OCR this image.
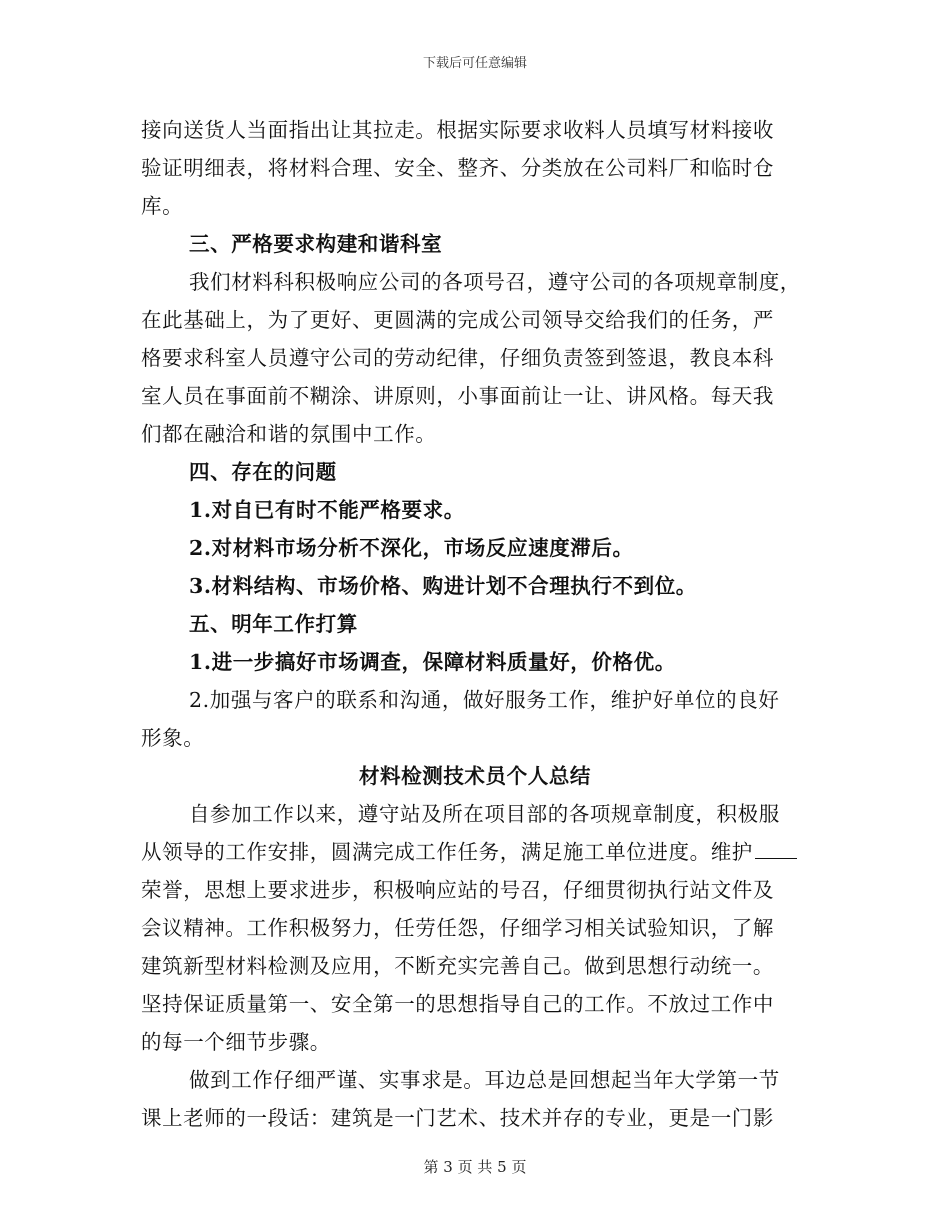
下载后可任意编辑
接向送货人当面指出让其拉走。根据实际要求收料人员填写材料接收
验证明细表，将材料合理、安全、整齐、分类放在公司料厂和临时仓
库。
三、严格要求构建和谐科室
我们材料科积极响应公司的各项号召，遵守公司的各项规章制度，
在此基础上，为了更好、更圆满的完成公司领导交给我们的任务，严
格要求科室人员遵守公司的劳动纪律，仔细负责签到签退，教良本科
室人员在事面前不糊涂、讲原则，小事面前让一让、讲风格。每天我
们都在融洽和谐的氛围中工作。
四、存在的问题
1.对自已有时不能严格要求。
2.对材料市场分析不深化，市场反应速度滞后。
3.材料结构、市场价格、购进计划不合理执行不到位。
五、明年工作打算
1.进一步搞好市场调查，保障材料质量好，价格优。
2.加强与客户的联系和沟通，做好服务工作，维护好单位的良好
形象。
材料检测技术员个人总结
自参加工作以来，遵守站及所在项目部的各项规章制度，积极服
从领导的工作安排，圆满完成工作任务，满足施工单位进度。维护
荣誉，思想上要求进步，积极响应站的号召，仔细贯彻执行站文件及
会议精神。工作积极努力，任劳任怨，仔细学习相关试验知识，了解
建筑新型材料检测及应用，不断充实完善自己。做到思想行动统一。
坚持保证质量第一、安全第一的思想指导自己的工作。不放过工作中
的每一个细节步骤。
做到工作仔细严谨、实事求是。耳边总是回想起当年大学第一节
课上老师的一段话：建筑是一门艺术、技术并存的专业，更是一门影
第 3 页 共 5 页
